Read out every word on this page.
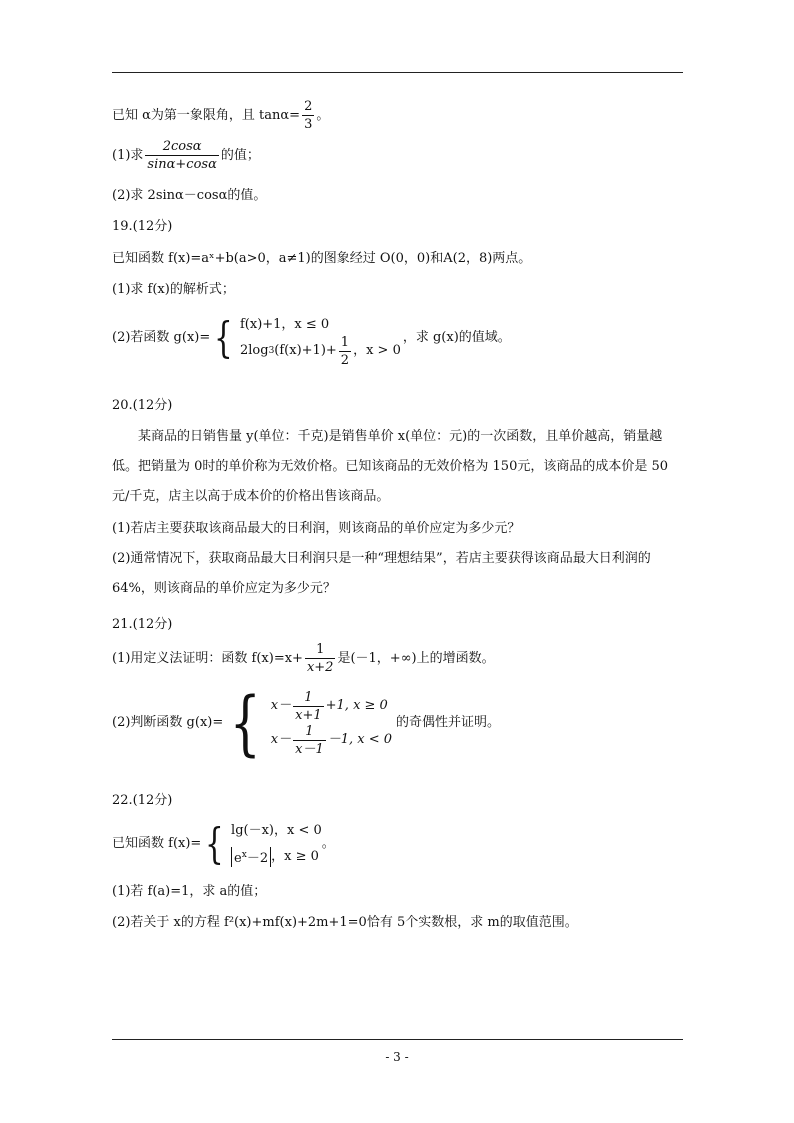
已知 α为第一象限角，且 $\tan\alpha= \frac{2}{3}$ 。
(1)求 $\frac{2\cos\alpha}{\sin\alpha+\cos\alpha}$ 的值；
(2)求 2sinα－cosα的值。
19.(12分)
已知函数 f(x)=aˣ+b(a>0，a≠1)的图象经过 O(0，0)和A(2，8)两点。
(1)求 f(x)的解析式；
(2)若函数 g(x)= { f(x)+1，x ≤ 0
2log 3 $(f(x)+1)+ \frac{1}{2}$ ，x > 0
，求 g(x)的值域。
20.(12分)
某商品的日销售量 y(单位：千克)是销售单价 x(单位：元)的一次函数，且单价越高，销量越低。把销量为 0时的单价称为无效价格。已知该商品的无效价格为 150元，该商品的成本价是 50元/千克，店主以高于成本价的价格出售该商品。
(1)若店主要获取该商品最大的日利润，则该商品的单价应定为多少元？
(2)通常情况下，获取商品最大日利润只是一种“理想结果”，若店主要获得该商品最大日利润的 64%，则该商品的单价应定为多少元？
21.(12分)
(1)用定义法证明：函数 $f(x)=x+ \frac{1}{x+2}$ 是(－1，+∞)上的增函数。
(2)判断函数 g(x)= { $x- \frac{1}{x+1} +1$, x ≥ 0
$x- \frac{1}{x-1} -1$, x < 0
的奇偶性并证明。
22.(12分)
已知函数 f(x)= { lg(－x)，x < 0
$e^x-2$ ，x ≥ 0
。
(1)若 f(a)=1，求 a的值；
(2)若关于 x的方程 f²(x)+mf(x)+2m+1=0恰有 5个实数根，求 m的取值范围。
- 3 -
